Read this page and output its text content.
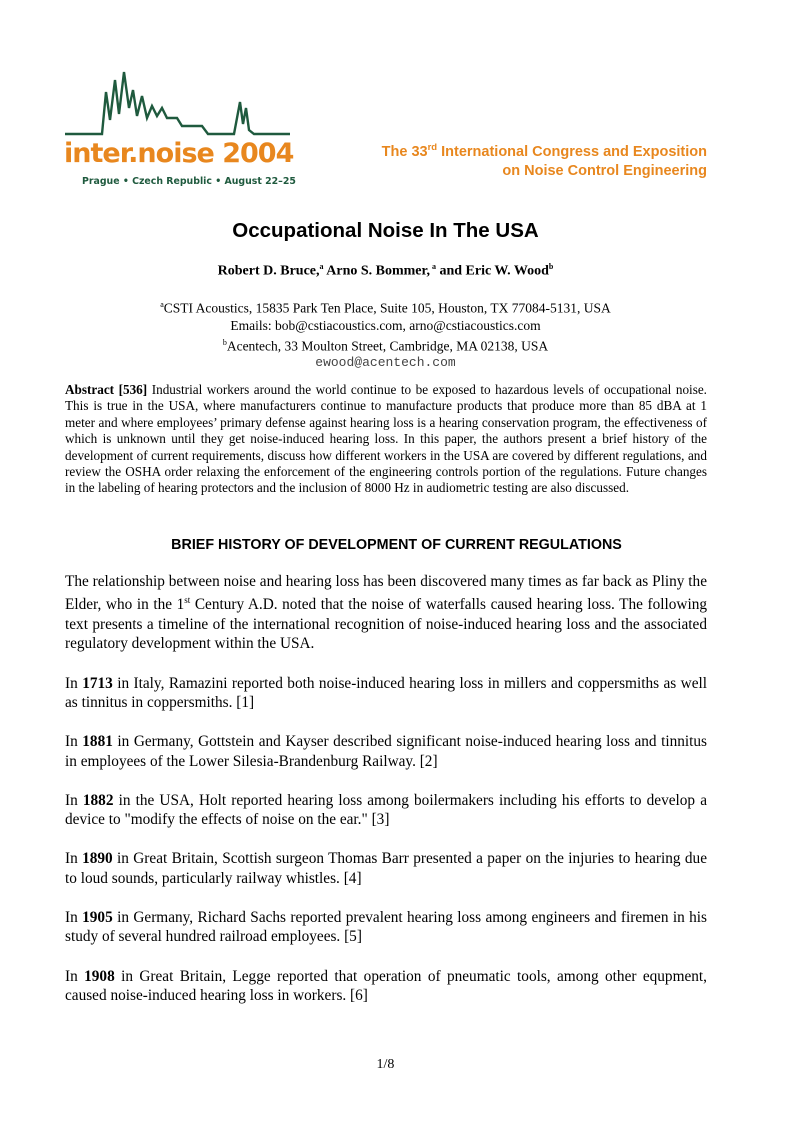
inter.noise 2004
Prague • Czech Republic • August 22–25
The 33rd International Congress and Exposition
on Noise Control Engineering
Occupational Noise In The USA
Robert D. Bruce,$^a$ Arno S. Bommer, $^a$ and Eric W. Wood$^b$
$^a$CSTI Acoustics, 15835 Park Ten Place, Suite 105, Houston, TX 77084-5131, USA
Emails: bob@cstiacoustics.com, arno@cstiacoustics.com
$^b$Acentech, 33 Moulton Street, Cambridge, MA 02138, USA
ewood@acentech.com
Abstract [536] Industrial workers around the world continue to be exposed to hazardous levels of occupational noise. This is true in the USA, where manufacturers continue to manufacture products that produce more than 85 dBA at 1 meter and where employees’ primary defense against hearing loss is a hearing conservation program, the effectiveness of which is unknown until they get noise-induced hearing loss. In this paper, the authors present a brief history of the development of current requirements, discuss how different workers in the USA are covered by different regulations, and review the OSHA order relaxing the enforcement of the engineering controls portion of the regulations. Future changes in the labeling of hearing protectors and the inclusion of 8000 Hz in audiometric testing are also discussed.
BRIEF HISTORY OF DEVELOPMENT OF CURRENT REGULATIONS

The relationship between noise and hearing loss has been discovered many times as far back as Pliny the Elder, who in the 1st Century A.D. noted that the noise of waterfalls caused hearing loss. The following text presents a timeline of the international recognition of noise-induced hearing loss and the associated regulatory development within the USA.

In 1713 in Italy, Ramazini reported both noise-induced hearing loss in millers and coppersmiths as well as tinnitus in coppersmiths. [1]

In 1881 in Germany, Gottstein and Kayser described significant noise-induced hearing loss and tinnitus in employees of the Lower Silesia-Brandenburg Railway. [2]

In 1882 in the USA, Holt reported hearing loss among boilermakers including his efforts to develop a device to "modify the effects of noise on the ear." [3]

In 1890 in Great Britain, Scottish surgeon Thomas Barr presented a paper on the injuries to hearing due to loud sounds, particularly railway whistles. [4]

In 1905 in Germany, Richard Sachs reported prevalent hearing loss among engineers and firemen in his study of several hundred railroad employees. [5]

In 1908 in Great Britain, Legge reported that operation of pneumatic tools, among other equpment, caused noise-induced hearing loss in workers. [6]

1/8
